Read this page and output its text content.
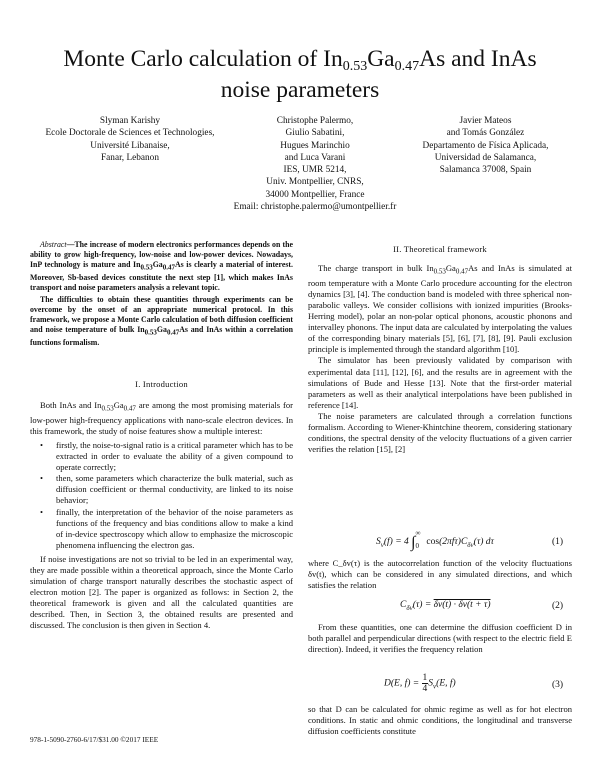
Monte Carlo calculation of $In_{0.53}Ga_{0.47}As$ and InAs
noise parameters
Slyman Karishy
Ecole Doctorale de Sciences et Technologies,
Université Libanaise,
Fanar, Lebanon
Christophe Palermo,
Giulio Sabatini,
Hugues Marinchio
and Luca Varani
IES, UMR 5214,
Univ. Montpellier, CNRS,
34000 Montpellier, France
Email: christophe.palermo@umontpellier.fr
Javier Mateos
and Tomás González
Departamento de Física Aplicada,
Universidad de Salamanca,
Salamanca 37008, Spain

Abstract—The increase of modern electronics performances depends on the ability to grow high-frequency, low-noise and low-power devices. Nowadays, InP technology is mature and $In_{0.53}Ga_{0.47}As$ is clearly a material of interest. Moreover, Sb-based devices constitute the next step [1], which makes InAs transport and noise parameters analysis a relevant topic.

The difficulties to obtain these quantities through experiments can be overcome by the onset of an appropriate numerical protocol. In this framework, we propose a Monte Carlo calculation of both diffusion coefficient and noise temperature of bulk $In_{0.53}Ga_{0.47}As$ and InAs within a correlation functions formalism.

I. Introduction

Both InAs and $In_{0.53}Ga_{0.47}$ are among the most promising materials for low-power high-frequency applications with nano-scale electron devices. In this framework, the study of noise features show a multiple interest:

• firstly, the noise-to-signal ratio is a critical parameter which has to be extracted in order to evaluate the ability of a given compound to operate correctly;
• then, some parameters which characterize the bulk material, such as diffusion coefficient or thermal conductivity, are linked to its noise behavior;
• finally, the interpretation of the behavior of the noise parameters as functions of the frequency and bias conditions allow to make a kind of in-device spectroscopy which allow to emphasize the microscopic phenomena influencing the electron gas.

If noise investigations are not so trivial to be led in an experimental way, they are made possible within a theoretical approach, since the Monte Carlo simulation of charge transport naturally describes the stochastic aspect of electron motion [2]. The paper is organized as follows: in Section 2, the theoretical framework is given and all the calculated quantities are described. Then, in Section 3, the obtained results are presented and discussed. The conclusion is then given in Section 4.

978-1-5090-2760-6/17/$31.00 ©2017 IEEE
II. Theoretical framework

The charge transport in bulk $In_{0.53}Ga_{0.47}As$ and InAs is simulated at room temperature with a Monte Carlo procedure accounting for the electron dynamics [3], [4]. The conduction band is modeled with three spherical non-parabolic valleys. We consider collisions with ionized impurities (Brooks-Herring model), polar an non-polar optical phonons, acoustic phonons and intervalley phonons. The input data are calculated by interpolating the values of the corresponding binary materials [5], [6], [7], [8], [9]. Pauli exclusion principle is implemented through the standard algorithm [10].

The simulator has been previously validated by comparison with experimental data [11], [12], [6], and the results are in agreement with the simulations of Bude and Hesse [13]. Note that the first-order material parameters as well as their analytical interpolations have been published in reference [14].

The noise parameters are calculated through a correlation functions formalism. According to Wiener-Khintchine theorem, considering stationary conditions, the spectral density of the velocity fluctuations of a given carrier verifies the relation [15], [2]

$S_v(f) = 4$ $\int^\infty_0$ $\cos(2\pi f\tau)C_{\delta v}(\tau)$ dτ	(1)

where C_δv(τ) is the autocorrelation function of the velocity fluctuations δv(t), which can be considered in any simulated directions, and which satisfies the relation

$C_{\delta v}(\tau) = \delta v(t) \cdot \delta v(t + \tau)$	(2)

From these quantities, one can determine the diffusion coefficient D in both parallel and perpendicular directions (with respect to the electric field E direction). Indeed, it verifies the frequency relation

D(E, $f) = \frac{1}{4} S_v(E$, f)	(3)

so that D can be calculated for ohmic regime as well as for hot electron conditions. In static and ohmic conditions, the longitudinal and transverse diffusion coefficients constitute
